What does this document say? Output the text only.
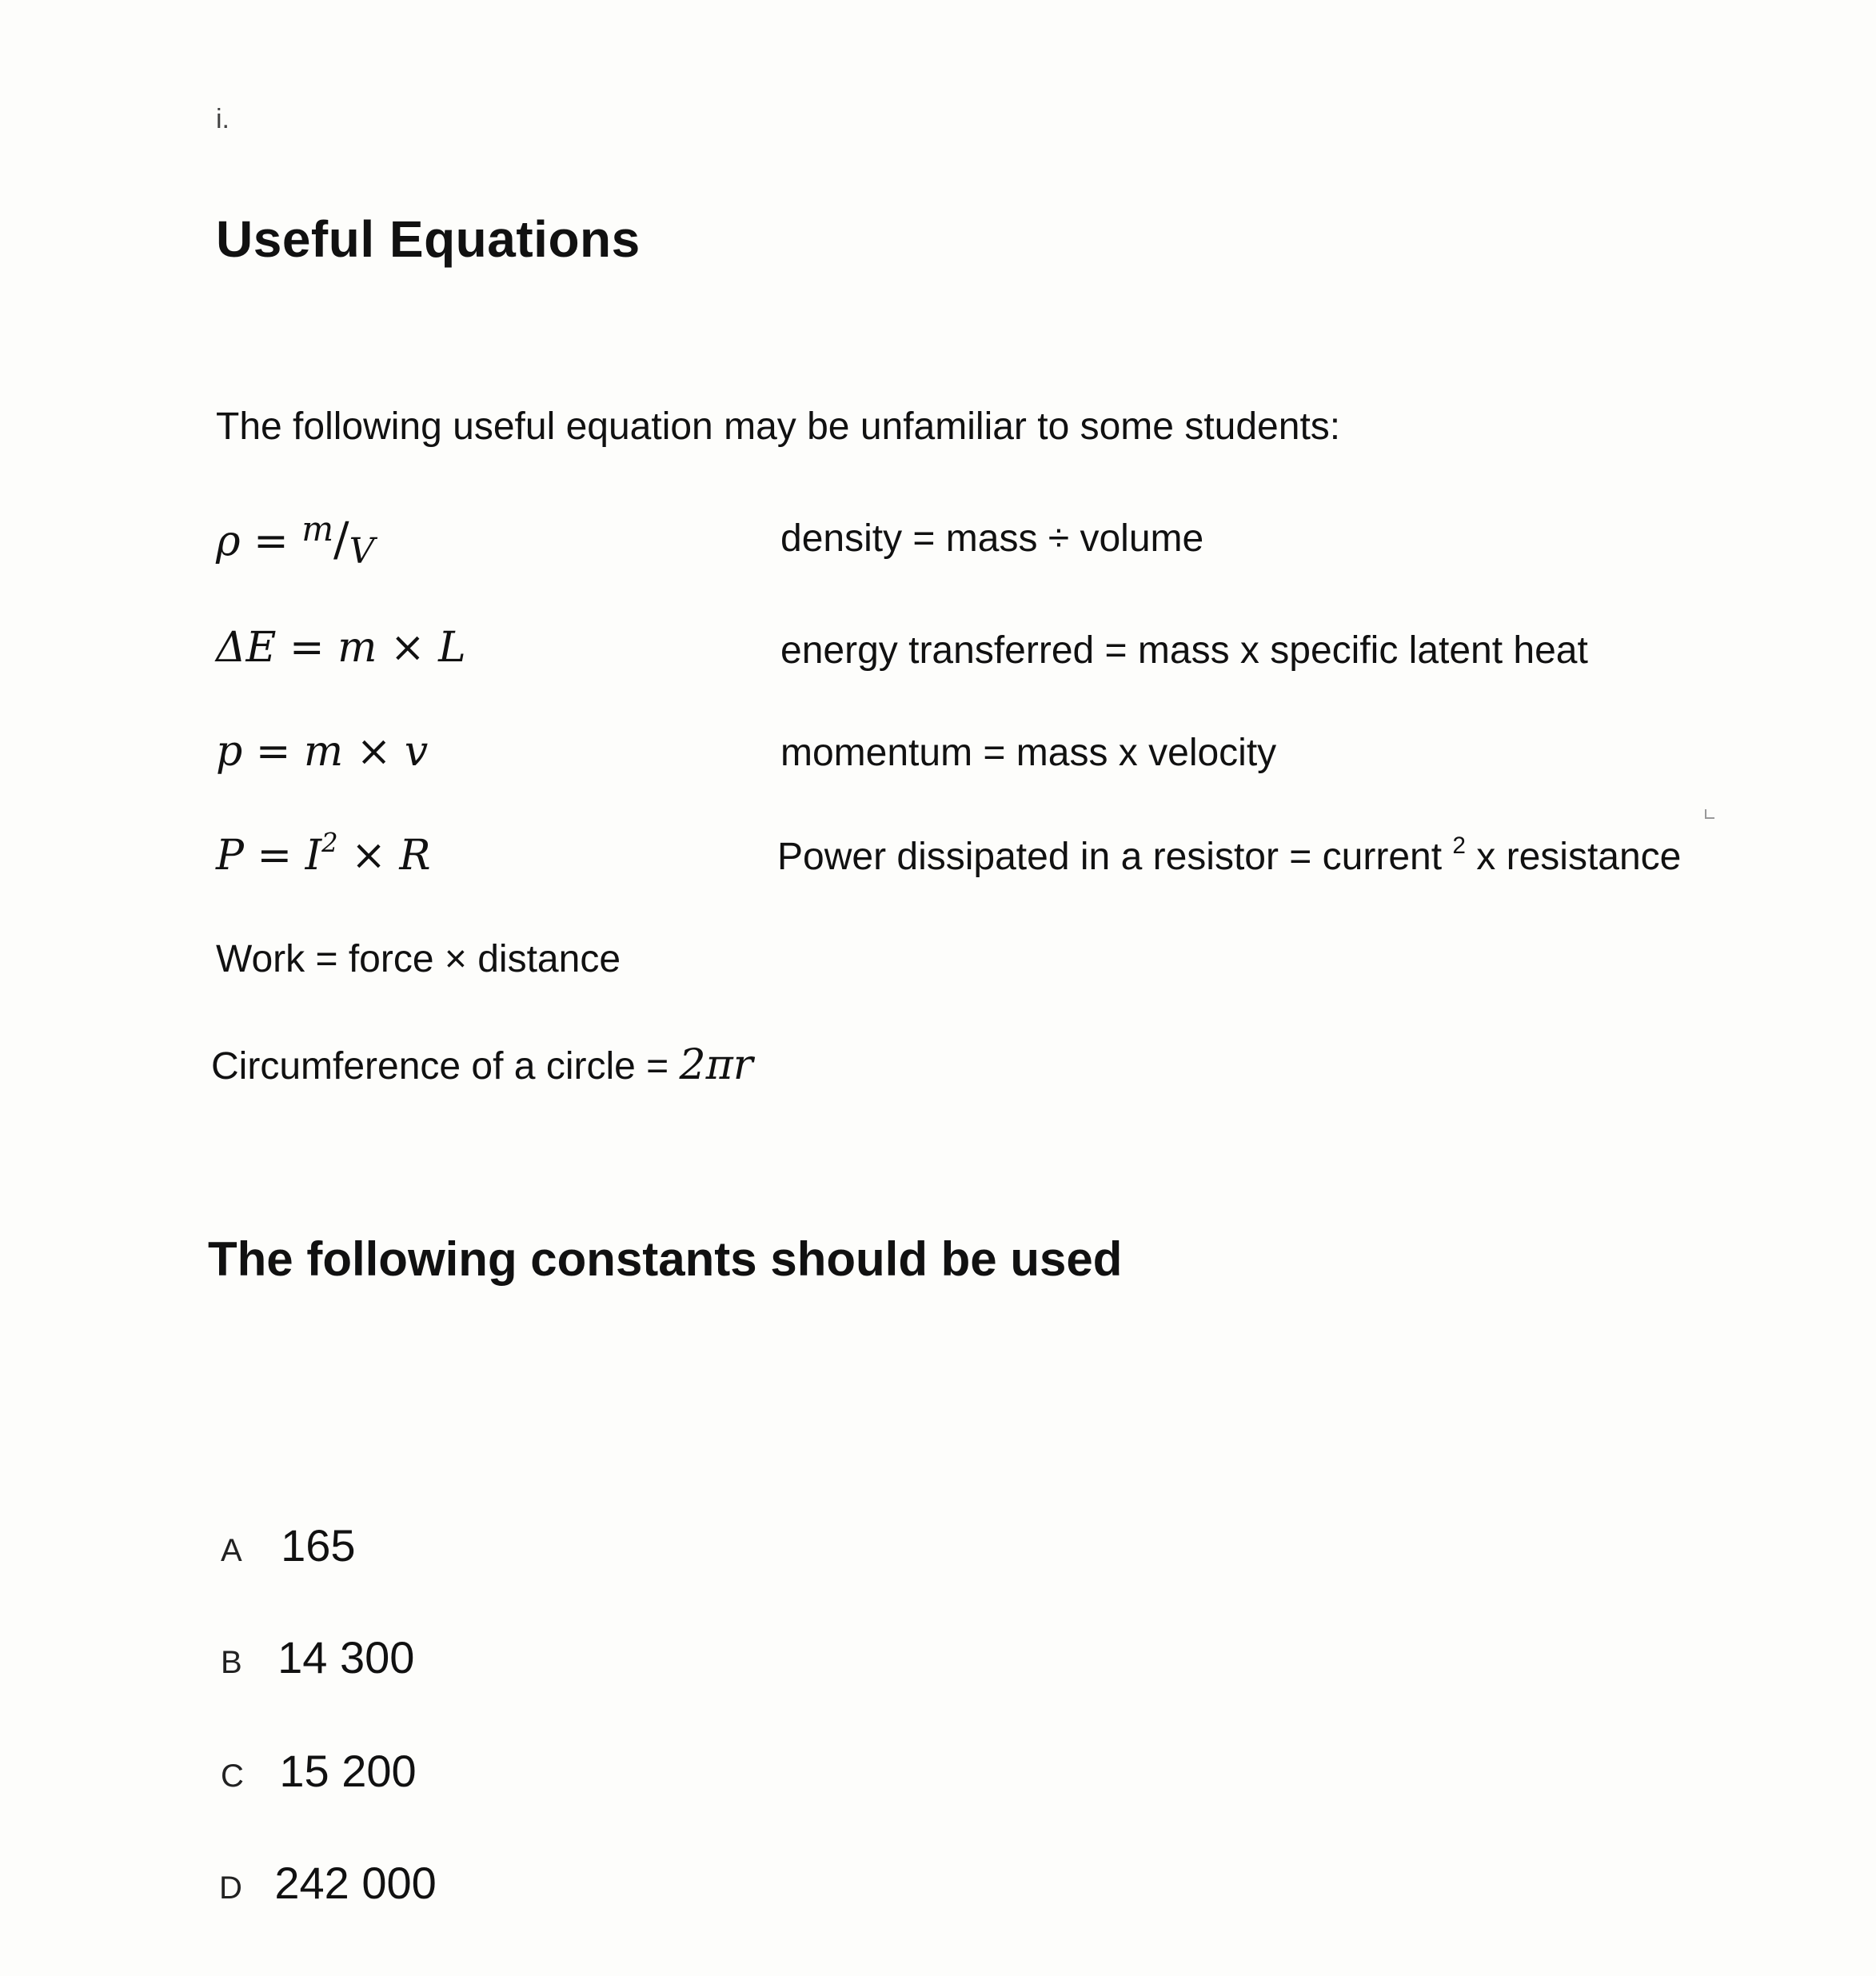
i.
Useful Equations
The following useful equation may be unfamiliar to some students:
ρ = $^m$/V	density = mass ÷ volume
ΔE = m × L	energy transferred = mass x specific latent heat
p = m × v	momentum = mass x velocity
$P = I^2 \times R$	Power dissipated in a resistor = current $^2$ x resistance
Work = force × distance
Circumference of a circle = 2πr
The following constants should be used
A 165
B 14 300
C 15 200
D 242 000
